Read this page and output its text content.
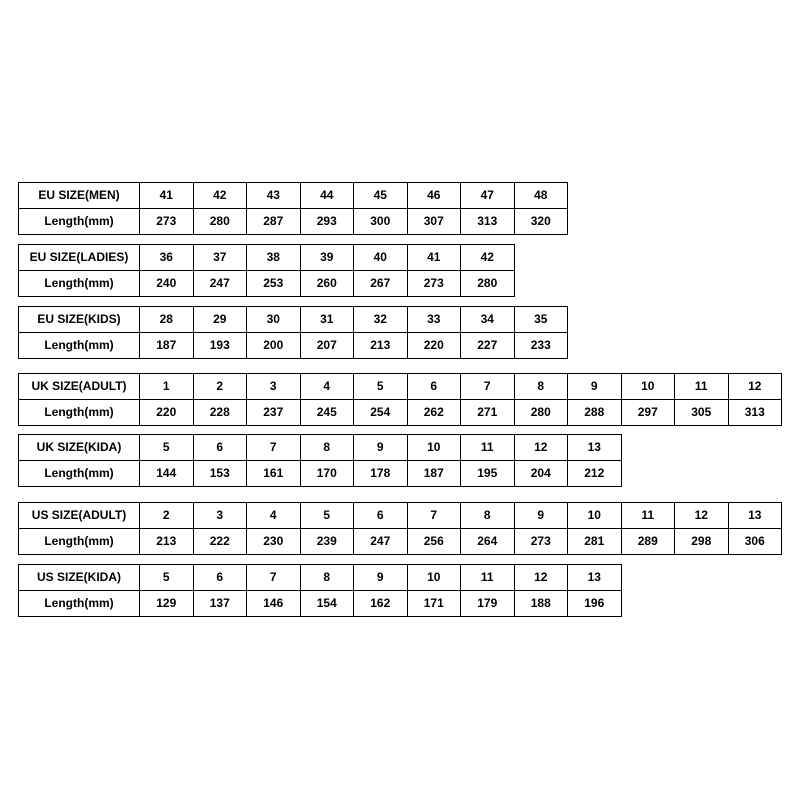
EU SIZE(MEN)	41	42	43	44	45	46	47	48
Length(mm)	273	280	287	293	300	307	313	320
EU SIZE(LADIES)	36	37	38	39	40	41	42
Length(mm)	240	247	253	260	267	273	280
EU SIZE(KIDS)	28	29	30	31	32	33	34	35
Length(mm)	187	193	200	207	213	220	227	233
UK SIZE(ADULT)	1	2	3	4	5	6	7	8	9	10	11	12
Length(mm)	220	228	237	245	254	262	271	280	288	297	305	313
UK SIZE(KIDA)	5	6	7	8	9	10	11	12	13
Length(mm)	144	153	161	170	178	187	195	204	212
US SIZE(ADULT)	2	3	4	5	6	7	8	9	10	11	12	13
Length(mm)	213	222	230	239	247	256	264	273	281	289	298	306
US SIZE(KIDA)	5	6	7	8	9	10	11	12	13
Length(mm)	129	137	146	154	162	171	179	188	196
